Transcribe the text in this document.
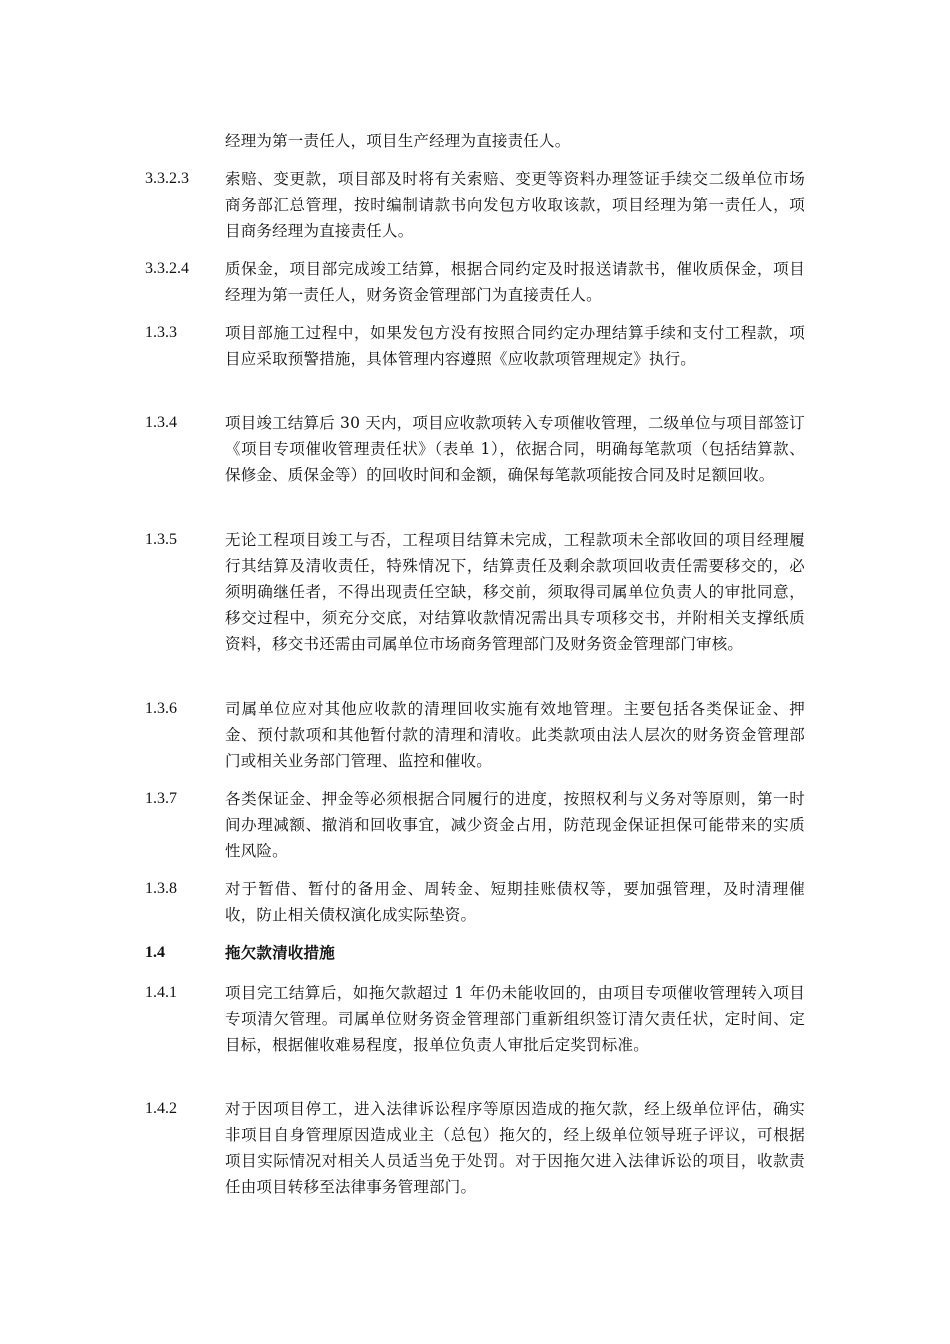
经理为第一责任人，项目生产经理为直接责任人。
3.3.2.3	索赔、变更款，项目部及时将有关索赔、变更等资料办理签证手续交二级单位市场商务部汇总管理，按时编制请款书向发包方收取该款，项目经理为第一责任人，项目商务经理为直接责任人。
3.3.2.4	质保金，项目部完成竣工结算，根据合同约定及时报送请款书，催收质保金，项目经理为第一责任人，财务资金管理部门为直接责任人。
1.3.3	项目部施工过程中，如果发包方没有按照合同约定办理结算手续和支付工程款，项目应采取预警措施，具体管理内容遵照《应收款项管理规定》执行。
1.3.4	项目竣工结算后 30 天内，项目应收款项转入专项催收管理，二级单位与项目部签订《项目专项催收管理责任状》（表单 1），依据合同，明确每笔款项（包括结算款、保修金、质保金等）的回收时间和金额，确保每笔款项能按合同及时足额回收。
1.3.5	无论工程项目竣工与否，工程项目结算未完成，工程款项未全部收回的项目经理履行其结算及清收责任，特殊情况下，结算责任及剩余款项回收责任需要移交的，必须明确继任者，不得出现责任空缺，移交前，须取得司属单位负责人的审批同意，移交过程中，须充分交底，对结算收款情况需出具专项移交书，并附相关支撑纸质资料，移交书还需由司属单位市场商务管理部门及财务资金管理部门审核。
1.3.6	司属单位应对其他应收款的清理回收实施有效地管理。主要包括各类保证金、押金、预付款项和其他暂付款的清理和清收。此类款项由法人层次的财务资金管理部门或相关业务部门管理、监控和催收。
1.3.7	各类保证金、押金等必须根据合同履行的进度，按照权利与义务对等原则，第一时间办理减额、撤消和回收事宜，减少资金占用，防范现金保证担保可能带来的实质性风险。
1.3.8	对于暂借、暂付的备用金、周转金、短期挂账债权等，要加强管理，及时清理催收，防止相关债权演化成实际垫资。
1.4	拖欠款清收措施
1.4.1	项目完工结算后，如拖欠款超过 1 年仍未能收回的，由项目专项催收管理转入项目专项清欠管理。司属单位财务资金管理部门重新组织签订清欠责任状，定时间、定目标，根据催收难易程度，报单位负责人审批后定奖罚标准。
1.4.2	对于因项目停工，进入法律诉讼程序等原因造成的拖欠款，经上级单位评估，确实非项目自身管理原因造成业主（总包）拖欠的，经上级单位领导班子评议，可根据项目实际情况对相关人员适当免于处罚。对于因拖欠进入法律诉讼的项目，收款责任由项目转移至法律事务管理部门。
